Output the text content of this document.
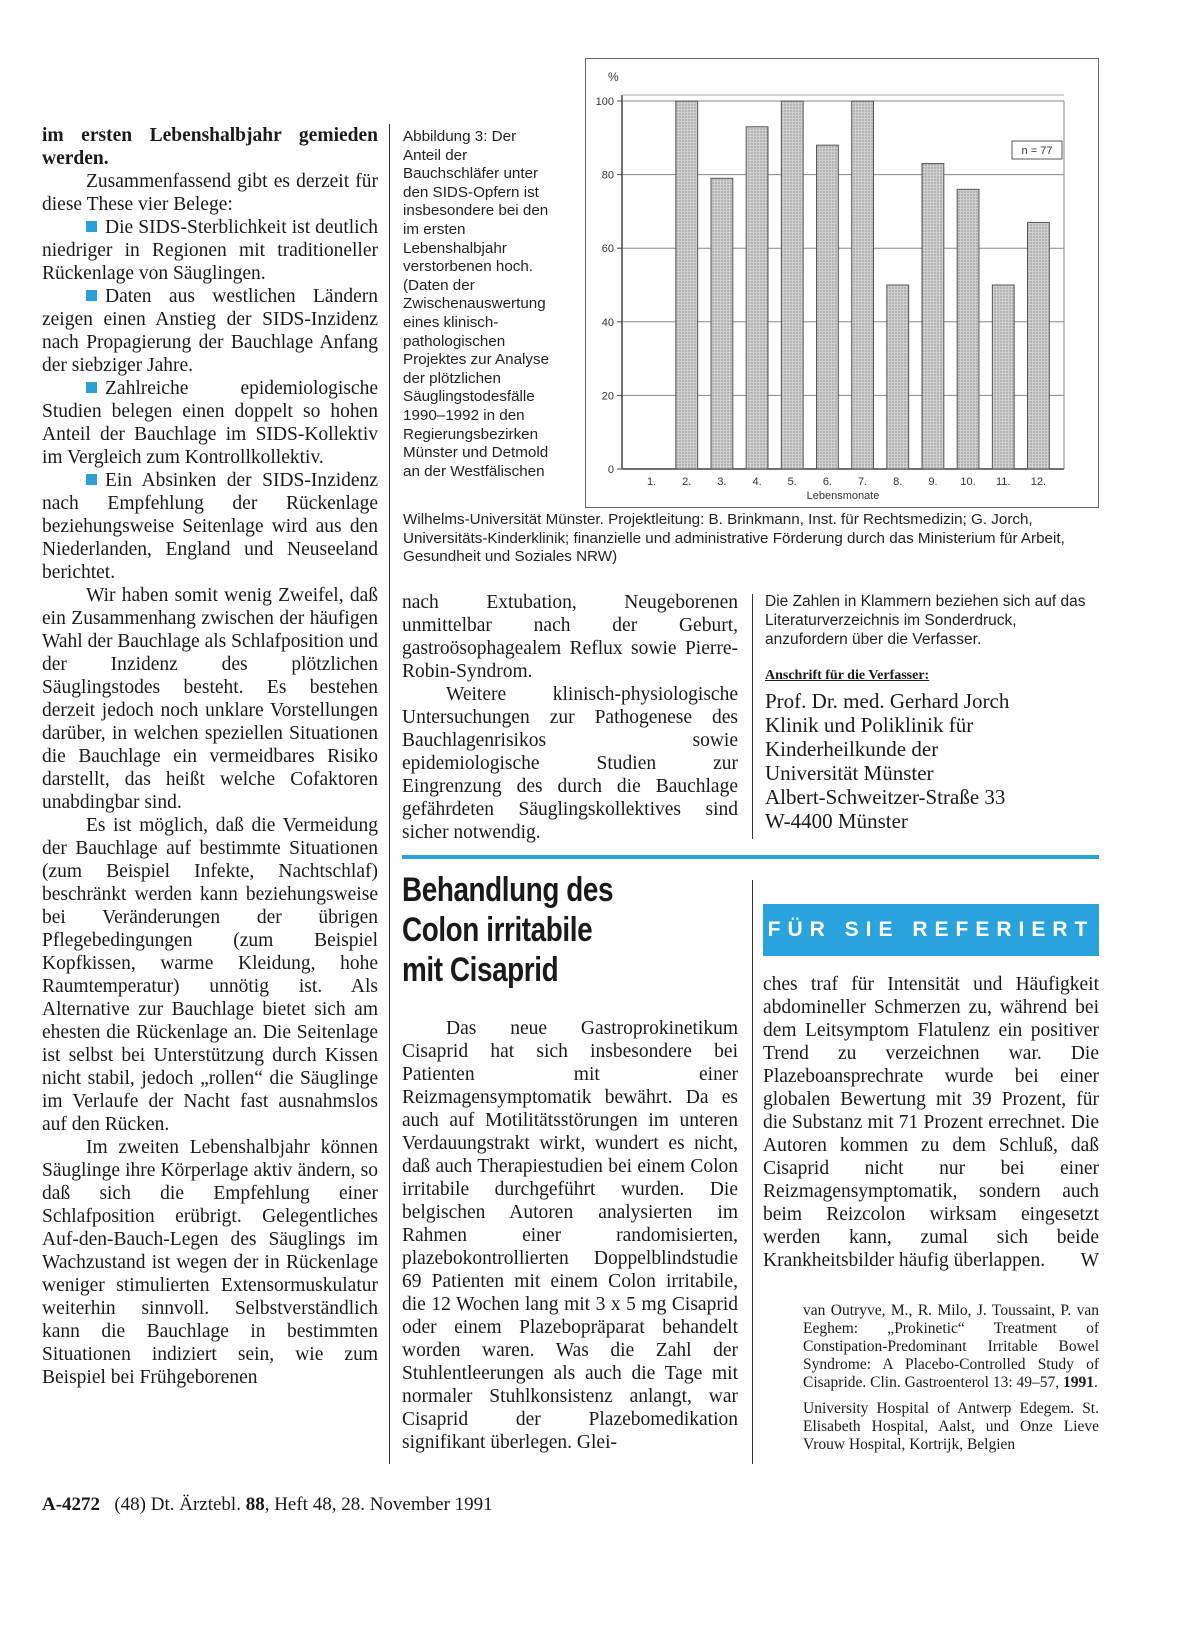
im ersten Lebenshalbjahr gemieden werden.

Zusammenfassend gibt es derzeit für diese These vier Belege:

Die SIDS-Sterblichkeit ist deutlich niedriger in Regionen mit traditioneller Rückenlage von Säuglingen.

Daten aus westlichen Ländern zeigen einen Anstieg der SIDS-Inzidenz nach Propagierung der Bauchlage Anfang der siebziger Jahre.

Zahlreiche epidemiologische Studien belegen einen doppelt so hohen Anteil der Bauchlage im SIDS-Kollektiv im Vergleich zum Kontrollkollektiv.

Ein Absinken der SIDS-Inzidenz nach Empfehlung der Rückenlage beziehungsweise Seitenlage wird aus den Niederlanden, England und Neuseeland berichtet.

Wir haben somit wenig Zweifel, daß ein Zusammenhang zwischen der häufigen Wahl der Bauchlage als Schlafposition und der Inzidenz des plötzlichen Säuglingstodes besteht. Es bestehen derzeit jedoch noch unklare Vorstellungen darüber, in welchen speziellen Situationen die Bauchlage ein vermeidbares Risiko darstellt, das heißt welche Cofaktoren unabdingbar sind.

Es ist möglich, daß die Vermeidung der Bauchlage auf bestimmte Situationen (zum Beispiel Infekte, Nachtschlaf) beschränkt werden kann beziehungsweise bei Veränderungen der übrigen Pflegebedingungen (zum Beispiel Kopfkissen, warme Kleidung, hohe Raumtemperatur) unnötig ist. Als Alternative zur Bauchlage bietet sich am ehesten die Rückenlage an. Die Seitenlage ist selbst bei Unterstützung durch Kissen nicht stabil, jedoch „rollen“ die Säuglinge im Verlaufe der Nacht fast ausnahmslos auf den Rücken.

Im zweiten Lebenshalbjahr können Säuglinge ihre Körperlage aktiv ändern, so daß sich die Empfehlung einer Schlafposition erübrigt. Gelegentliches Auf-den-Bauch-Legen des Säuglings im Wachzustand ist wegen der in Rückenlage weniger stimulierten Extensormuskulatur weiterhin sinnvoll. Selbstverständlich kann die Bauchlage in bestimmten Situationen indiziert sein, wie zum Beispiel bei Frühgeborenen

Abbildung 3: Der Anteil der Bauchschläfer unter den SIDS-Opfern ist insbesondere bei den im ersten Lebenshalbjahr verstorbenen hoch. (Daten der Zwischenauswertung eines klinisch-pathologischen Projektes zur Analyse der plötzlichen Säuglingstodesfälle 1990–1992 in den Regierungsbezirken Münster und Detmold an der Westfälischen

%
0
20
40
60
80
100
1. 2. 3. 4. 5. 6. 7. 8. 9. 10. 11. 12.
Lebensmonate
n = 77

Wilhelms-Universität Münster. Projektleitung: B. Brinkmann, Inst. für Rechtsmedizin; G. Jorch, Universitäts-Kinderklinik; finanzielle und administrative Förderung durch das Ministerium für Arbeit, Gesundheit und Soziales NRW)

nach Extubation, Neugeborenen unmittelbar nach der Geburt, gastroösophagealem Reflux sowie Pierre-Robin-Syndrom.

Weitere klinisch-physiologische Untersuchungen zur Pathogenese des Bauchlagenrisikos sowie epidemiologische Studien zur Eingrenzung des durch die Bauchlage gefährdeten Säuglingskollektives sind sicher notwendig.

Die Zahlen in Klammern beziehen sich auf das Literaturverzeichnis im Sonderdruck, anzufordern über die Verfasser.

Anschrift für die Verfasser:

Prof. Dr. med. Gerhard Jorch

Klinik und Poliklinik für

Kinderheilkunde der

Universität Münster

Albert-Schweitzer-Straße 33

W-4400 Münster

Behandlung des

Colon irritabile

mit Cisaprid

FÜR SIE REFERIERT

Das neue Gastroprokinetikum Cisaprid hat sich insbesondere bei Patienten mit einer Reizmagensymptomatik bewährt. Da es auch auf Motilitätsstörungen im unteren Verdauungstrakt wirkt, wundert es nicht, daß auch Therapiestudien bei einem Colon irritabile durchgeführt wurden. Die belgischen Autoren analysierten im Rahmen einer randomisierten, plazebokontrollierten Doppelblindstudie 69 Patienten mit einem Colon irritabile, die 12 Wochen lang mit 3 x 5 mg Cisaprid oder einem Plazebopräparat behandelt worden waren. Was die Zahl der Stuhlentleerungen als auch die Tage mit normaler Stuhlkonsistenz anlangt, war Cisaprid der Plazebomedikation signifikant überlegen. Glei-

ches traf für Intensität und Häufigkeit abdomineller Schmerzen zu, während bei dem Leitsymptom Flatulenz ein positiver Trend zu verzeichnen war. Die Plazeboansprechrate wurde bei einer globalen Bewertung mit 39 Prozent, für die Substanz mit 71 Prozent errechnet. Die Autoren kommen zu dem Schluß, daß Cisaprid nicht nur bei einer Reizmagensymptomatik, sondern auch beim Reizcolon wirksam eingesetzt werden kann, zumal sich beide Krankheitsbilder häufig überlappen. W

van Outryve, M., R. Milo, J. Toussaint, P. van Eeghem: „Prokinetic“ Treatment of Constipation-Predominant Irritable Bowel Syndrome: A Placebo-Controlled Study of Cisapride. Clin. Gastroenterol 13: 49–57, 1991.

University Hospital of Antwerp Edegem. St. Elisabeth Hospital, Aalst, und Onze Lieve Vrouw Hospital, Kortrijk, Belgien

A-4272 (48) Dt. Ärztebl. 88, Heft 48, 28. November 1991
